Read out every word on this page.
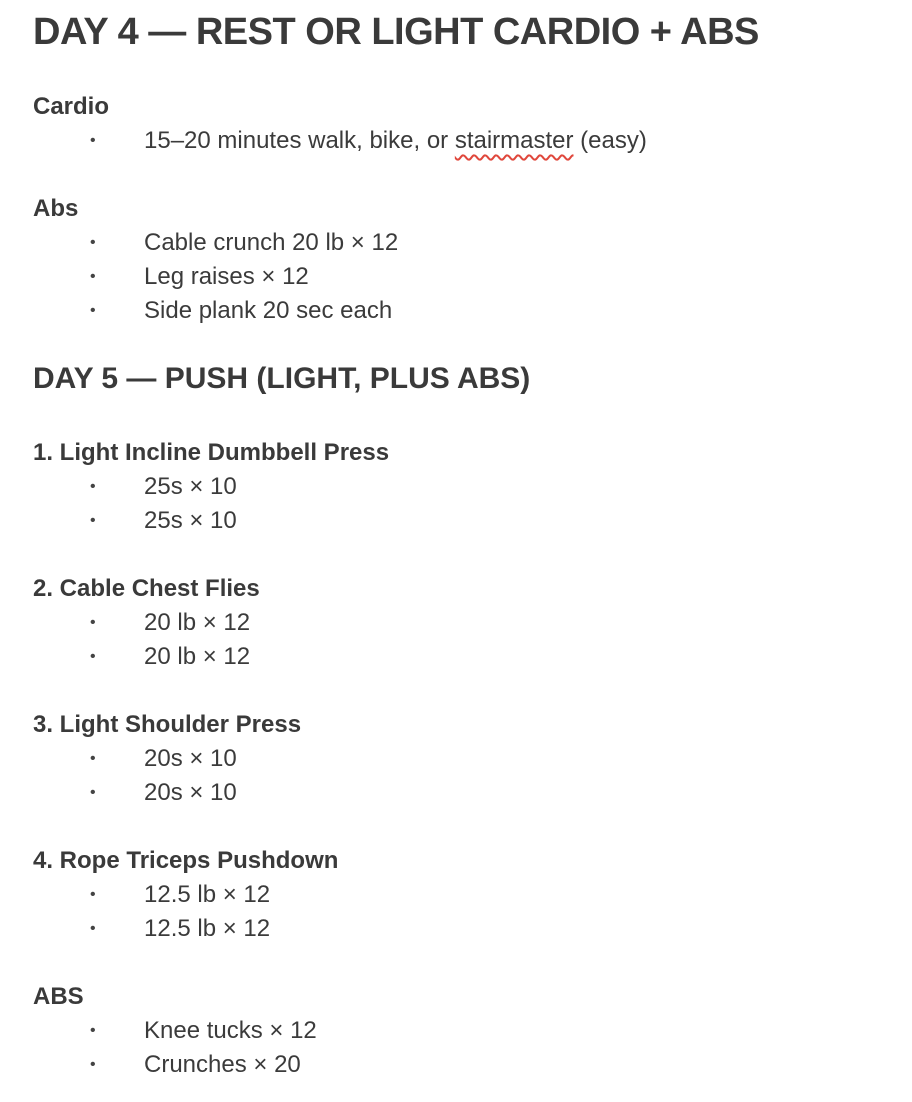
DAY 4 — REST OR LIGHT CARDIO + ABS
Cardio
• 15–20 minutes walk, bike, or stairmaster (easy)
Abs
• Cable crunch 20 lb × 12
• Leg raises × 12
• Side plank 20 sec each
DAY 5 — PUSH (LIGHT, PLUS ABS)
1. Light Incline Dumbbell Press
• 25s × 10
• 25s × 10
2. Cable Chest Flies
• 20 lb × 12
• 20 lb × 12
3. Light Shoulder Press
• 20s × 10
• 20s × 10
4. Rope Triceps Pushdown
• 12.5 lb × 12
• 12.5 lb × 12
ABS
• Knee tucks × 12
• Crunches × 20
